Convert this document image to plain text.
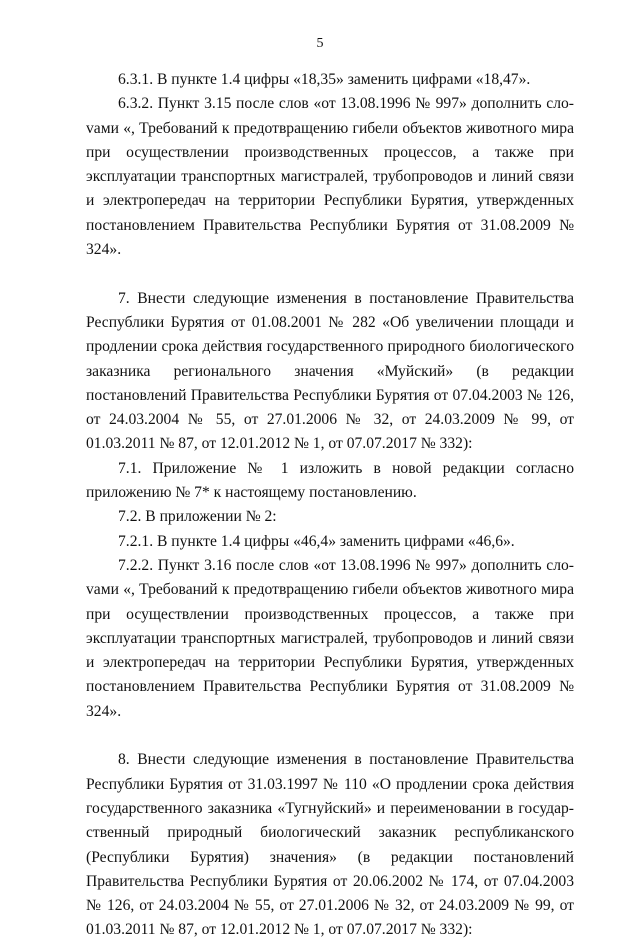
5

6.3.1. В пункте 1.4 цифры «18,35» заменить цифрами «18,47».

6.3.2. Пункт 3.15 после слов «от 13.08.1996 № 997» дополнить слоvами «, Требований к предотвращению гибели объектов животного мира при осуществлении производственных процессов, а также при эксплуатации транспортных магистралей, трубопроводов и линий связи и электропередач на территории Республики Бурятия, утвержденных постановлением Правительства Республики Бурятия от 31.08.2009 № 324».

7. Внести следующие изменения в постановление Правительства Республики Бурятия от 01.08.2001 № 282 «Об увеличении площади и продлении срока действия государственного природного биологического заказника регионального значения «Муйский» (в редакции постановлений Правительства Республики Бурятия от 07.04.2003 № 126, от 24.03.2004 № 55, от 27.01.2006 № 32, от 24.03.2009 № 99, от 01.03.2011 № 87, от 12.01.2012 № 1, от 07.07.2017 № 332):

7.1. Приложение № 1 изложить в новой редакции согласно приложению № 7* к настоящему постановлению.

7.2. В приложении № 2:

7.2.1. В пункте 1.4 цифры «46,4» заменить цифрами «46,6».

7.2.2. Пункт 3.16 после слов «от 13.08.1996 № 997» дополнить слоvами «, Требований к предотвращению гибели объектов животного мира при осуществлении производственных процессов, а также при эксплуатации транспортных магистралей, трубопроводов и линий связи и электропередач на территории Республики Бурятия, утвержденных постановлением Правительства Республики Бурятия от 31.08.2009 № 324».

8. Внести следующие изменения в постановление Правительства Республики Бурятия от 31.03.1997 № 110 «О продлении срока действия государственного заказника «Тугнуйский» и переименовании в государственный природный биологический заказник республиканского (Республики Бурятия) значения» (в редакции постановлений Правительства Республики Бурятия от 20.06.2002 № 174, от 07.04.2003 № 126, от 24.03.2004 № 55, от 27.01.2006 № 32, от 24.03.2009 № 99, от 01.03.2011 № 87, от 12.01.2012 № 1, от 07.07.2017 № 332):
